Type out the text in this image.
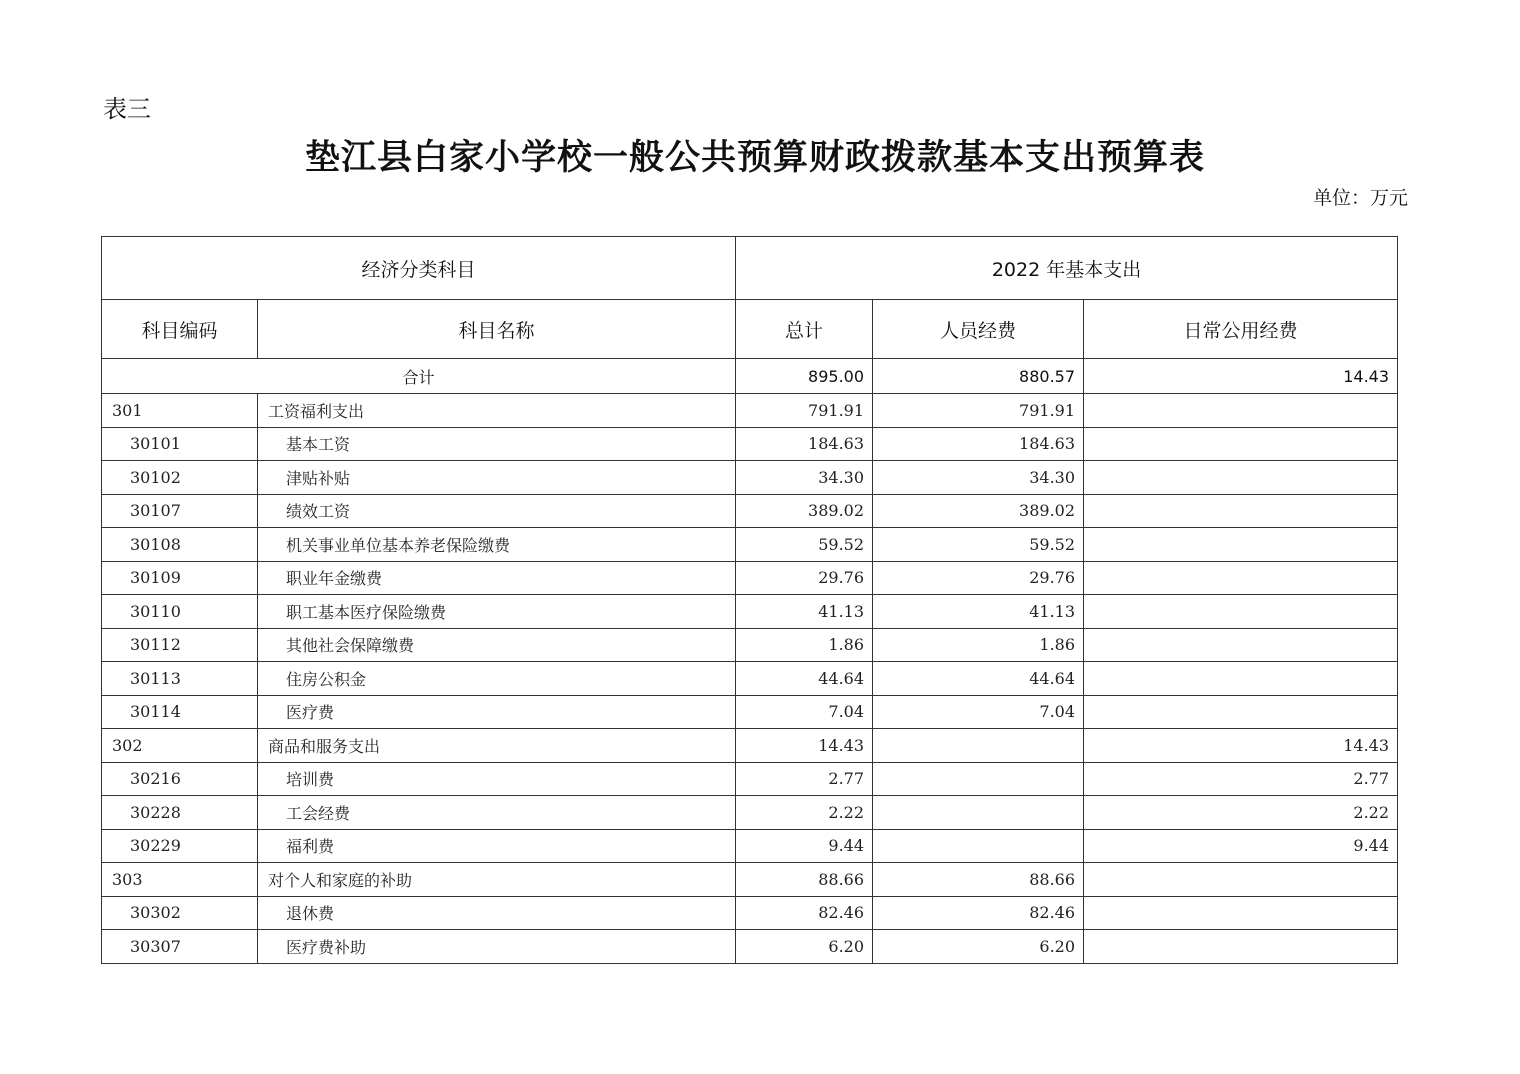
表三
垫江县白家小学校一般公共预算财政拨款基本支出预算表
单位：万元
经济分类科目		2022 年基本支出		
科目编码	科目名称	总计	人员经费	日常公用经费
合计		895.00	880.57	14.43
301	工资福利支出	791.91	791.91	
30101	基本工资	184.63	184.63	
30102	津贴补贴	34.30	34.30	
30107	绩效工资	389.02	389.02	
30108	机关事业单位基本养老保险缴费	59.52	59.52	
30109	职业年金缴费	29.76	29.76	
30110	职工基本医疗保险缴费	41.13	41.13	
30112	其他社会保障缴费	1.86	1.86	
30113	住房公积金	44.64	44.64	
30114	医疗费	7.04	7.04	
302	商品和服务支出	14.43		14.43
30216	培训费	2.77		2.77
30228	工会经费	2.22		2.22
30229	福利费	9.44		9.44
303	对个人和家庭的补助	88.66	88.66	
30302	退休费	82.46	82.46	
30307	医疗费补助	6.20	6.20	
